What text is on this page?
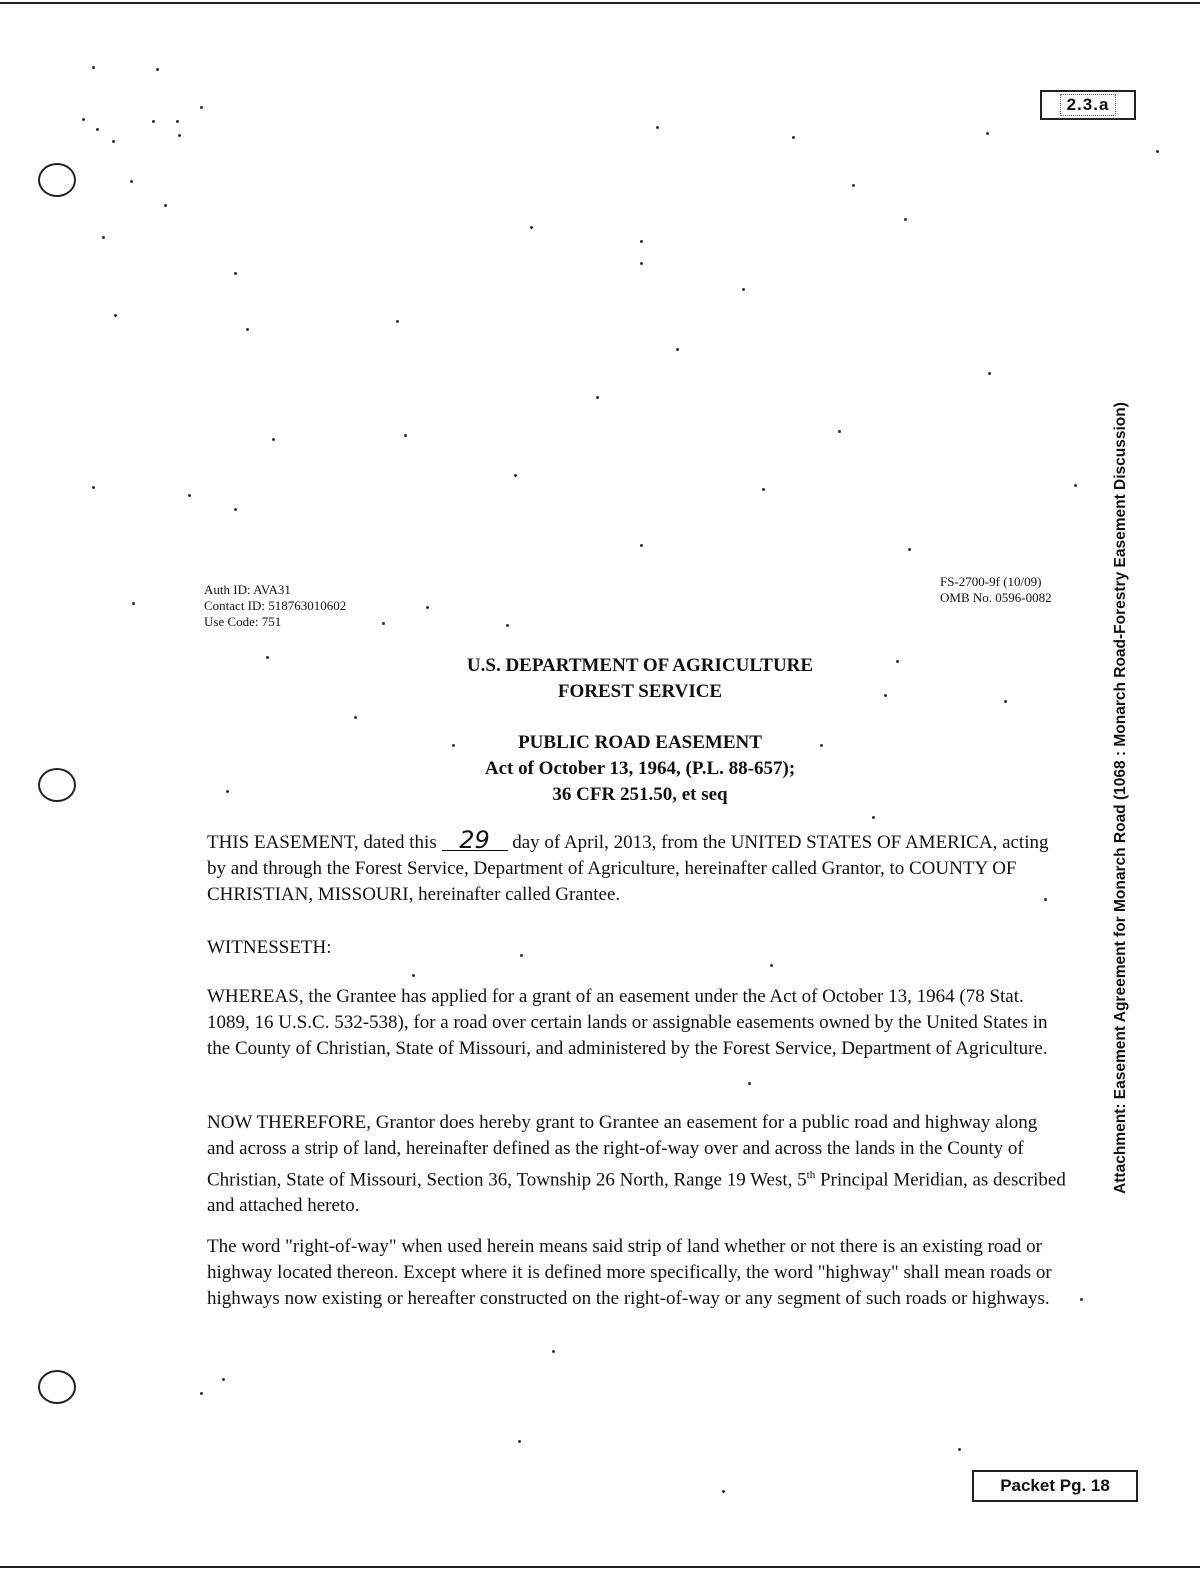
2.3.a
Attachment: Easement Agreement for Monarch Road (1068 : Monarch Road-Forestry Easement Discussion)
Auth ID: AVA31
Contact ID: 518763010602
Use Code: 751
FS-2700-9f (10/09)
OMB No. 0596-0082
U.S. DEPARTMENT OF AGRICULTURE
FOREST SERVICE
PUBLIC ROAD EASEMENT
Act of October 13, 1964, (P.L. 88-657);
36 CFR 251.50, et seq
THIS EASEMENT, dated this 29 day of April, 2013, from the UNITED STATES OF AMERICA, acting by and through the Forest Service, Department of Agriculture, hereinafter called Grantor, to COUNTY OF CHRISTIAN, MISSOURI, hereinafter called Grantee.
WITNESSETH:
WHEREAS, the Grantee has applied for a grant of an easement under the Act of October 13, 1964 (78 Stat. 1089, 16 U.S.C. 532-538), for a road over certain lands or assignable easements owned by the United States in the County of Christian, State of Missouri, and administered by the Forest Service, Department of Agriculture.
NOW THEREFORE, Grantor does hereby grant to Grantee an easement for a public road and highway along and across a strip of land, hereinafter defined as the right-of-way over and across the lands in the County of Christian, State of Missouri, Section 36, Township 26 North, Range 19 West, 5th Principal Meridian, as described and attached hereto.
The word "right-of-way" when used herein means said strip of land whether or not there is an existing road or highway located thereon. Except where it is defined more specifically, the word "highway" shall mean roads or highways now existing or hereafter constructed on the right-of-way or any segment of such roads or highways.
Packet Pg. 18
